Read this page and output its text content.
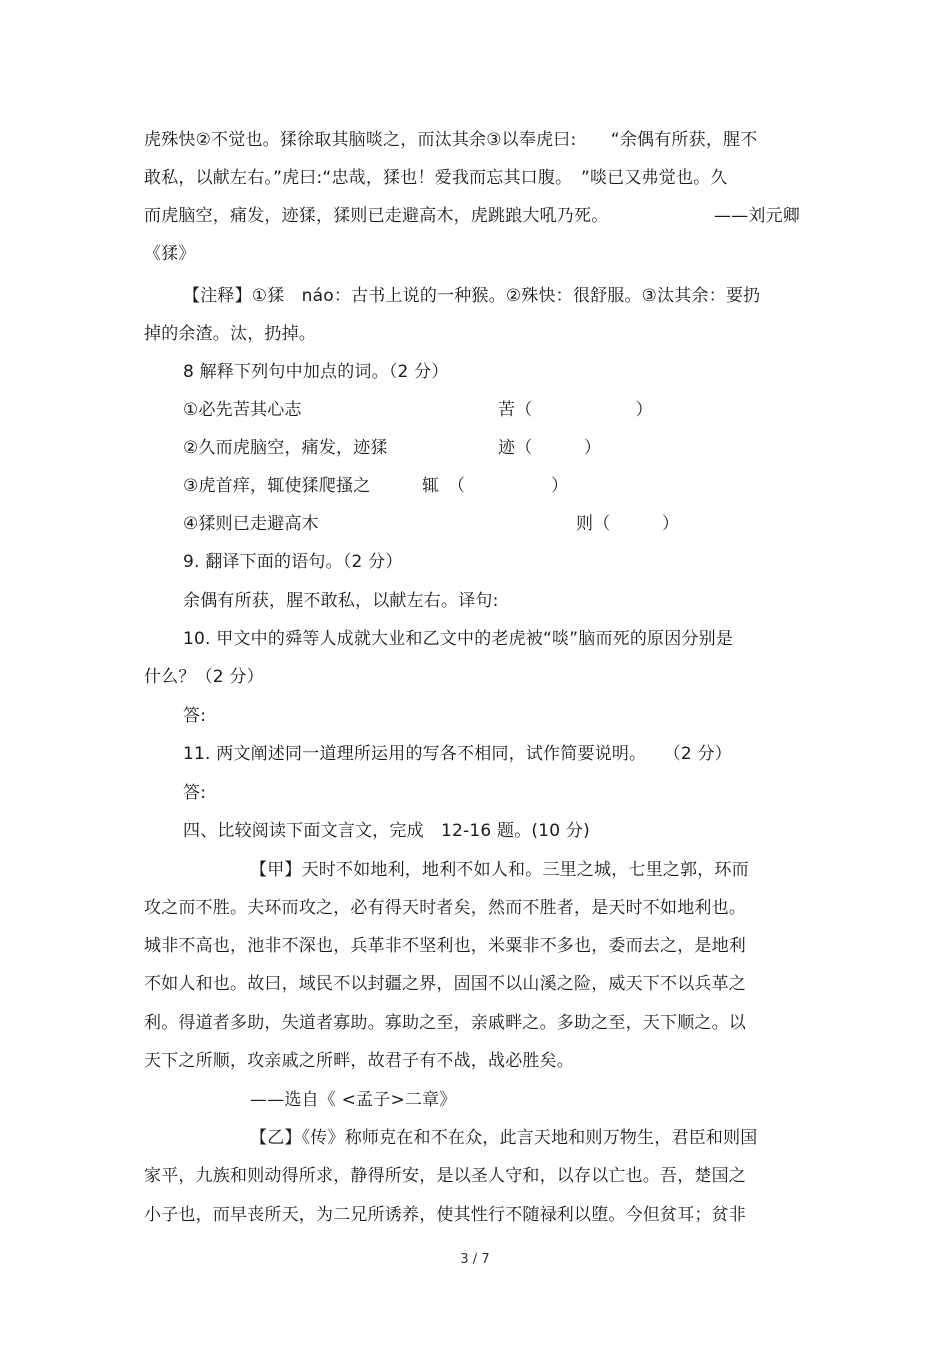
虎殊快②不觉也。猱徐取其脑啖之，而汰其余③以奉虎曰:　　“余偶有所获，腥不
敢私，以献左右。”虎曰:“忠哉，猱也！爱我而忘其口腹。　”啖已又弗觉也。久
而虎脑空，痛发，迹猱，猱则已走避高木，虎跳踉大吼乃死。	——刘元卿
《猱》
【注释】①猱　náo：古书上说的一种猴。②殊快：很舒服。③汰其余：要扔
掉的余渣。汰，扔掉。
8 解释下列句中加点的词。（2 分）
①必先苦其心志	苦（　　　　　　）
②久而虎脑空，痛发，迹猱	迹（　　　）
③虎首痒，辄使猱爬搔之	辄　（　　　　　）
④猱则已走避高木	则（　　　）
9. 翻译下面的语句。（2 分）
余偶有所获，腥不敢私，以献左右。译句:
10. 甲文中的舜等人成就大业和乙文中的老虎被“啖”脑而死的原因分别是
什么？（2 分）
答:
11. 两文阐述同一道理所运用的写各不相同，试作简要说明。　　（2 分）
答:
四、比较阅读下面文言文，完成　12-16 题。(10 分)
【甲】天时不如地利，地利不如人和。三里之城，七里之郭，环而
攻之而不胜。夫环而攻之，必有得天时者矣，然而不胜者，是天时不如地利也。
城非不高也，池非不深也，兵革非不坚利也，米粟非不多也，委而去之，是地利
不如人和也。故曰，域民不以封疆之界，固国不以山溪之险，威天下不以兵革之
利。得道者多助，失道者寡助。寡助之至，亲戚畔之。多助之至，天下顺之。以
天下之所顺，攻亲戚之所畔，故君子有不战，战必胜矣。
——选自《 <孟子>二章》
【乙】《传》称师克在和不在众，此言天地和则万物生，君臣和则国
家平，九族和则动得所求，静得所安，是以圣人守和，以存以亡也。吾，楚国之
小子也，而早丧所天，为二兄所诱养，使其性行不随禄利以堕。今但贫耳；贫非
3 / 7
